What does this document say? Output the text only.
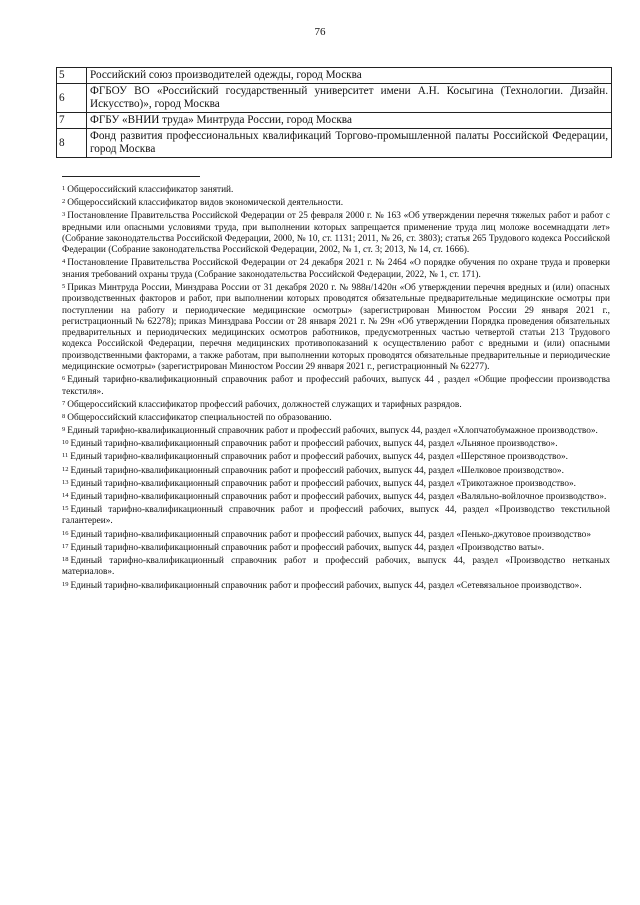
76
5	Российский союз производителей одежды, город Москва
6	ФГБОУ ВО «Российский государственный университет имени А.Н. Косыгина (Технологии. Дизайн. Искусство)», город Москва
7	ФГБУ «ВНИИ труда» Минтруда России, город Москва
8	Фонд развития профессиональных квалификаций Торгово-промышленной палаты Российской Федерации, город Москва

$^1$ Общероссийский классификатор занятий.

$^2$ Общероссийский классификатор видов экономической деятельности.

$^3$ Постановление Правительства Российской Федерации от 25 февраля 2000 г. № 163 «Об утверждении перечня тяжелых работ и работ с вредными или опасными условиями труда, при выполнении которых запрещается применение труда лиц моложе восемнадцати лет» (Собрание законодательства Российской Федерации, 2000, № 10, ст. 1131; 2011, № 26, ст. 3803); статья 265 Трудового кодекса Российской Федерации (Собрание законодательства Российской Федерации, 2002, № 1, ст. 3; 2013, № 14, ст. 1666).

$^4$ Постановление Правительства Российской Федерации от 24 декабря 2021 г. № 2464 «О порядке обучения по охране труда и проверки знания требований охраны труда (Собрание законодательства Российской Федерации, 2022, № 1, ст. 171).

$^5$ Приказ Минтруда России, Минздрава России от 31 декабря 2020 г. № 988н/1420н «Об утверждении перечня вредных и (или) опасных производственных факторов и работ, при выполнении которых проводятся обязательные предварительные медицинские осмотры при поступлении на работу и периодические медицинские осмотры» (зарегистрирован Минюстом России 29 января 2021 г., регистрационный № 62278); приказ Минздрава России от 28 января 2021 г. № 29н «Об утверждении Порядка проведения обязательных предварительных и периодических медицинских осмотров работников, предусмотренных частью четвертой статьи 213 Трудового кодекса Российской Федерации, перечня медицинских противопоказаний к осуществлению работ с вредными и (или) опасными производственными факторами, а также работам, при выполнении которых проводятся обязательные предварительные и периодические медицинские осмотры» (зарегистрирован Минюстом России 29 января 2021 г., регистрационный № 62277).

$^6$ Единый тарифно-квалификационный справочник работ и профессий рабочих, выпуск 44 , раздел «Общие профессии производства текстиля».

$^7$ Общероссийский классификатор профессий рабочих, должностей служащих и тарифных разрядов.

$^8$ Общероссийский классификатор специальностей по образованию.

$^9$ Единый тарифно-квалификационный справочник работ и профессий рабочих, выпуск 44, раздел «Хлопчатобумажное производство».

$^{10}$ Единый тарифно-квалификационный справочник работ и профессий рабочих, выпуск 44, раздел «Льняное производство».

$^{11}$ Единый тарифно-квалификационный справочник работ и профессий рабочих, выпуск 44, раздел «Шерстяное производство».

$^{12}$ Единый тарифно-квалификационный справочник работ и профессий рабочих, выпуск 44, раздел «Шелковое производство».

$^{13}$ Единый тарифно-квалификационный справочник работ и профессий рабочих, выпуск 44, раздел «Трикотажное производство».

$^{14}$ Единый тарифно-квалификационный справочник работ и профессий рабочих, выпуск 44, раздел «Валяльно-войлочное производство».

$^{15}$ Единый тарифно-квалификационный справочник работ и профессий рабочих, выпуск 44, раздел «Производство текстильной галантереи».

$^{16}$ Единый тарифно-квалификационный справочник работ и профессий рабочих, выпуск 44, раздел «Пенько-джутовое производство»

$^{17}$ Единый тарифно-квалификационный справочник работ и профессий рабочих, выпуск 44, раздел «Производство ваты».

$^{18}$ Единый тарифно-квалификационный справочник работ и профессий рабочих, выпуск 44, раздел «Производство нетканых материалов».

$^{19}$ Единый тарифно-квалификационный справочник работ и профессий рабочих, выпуск 44, раздел «Сетевязальное производство».
